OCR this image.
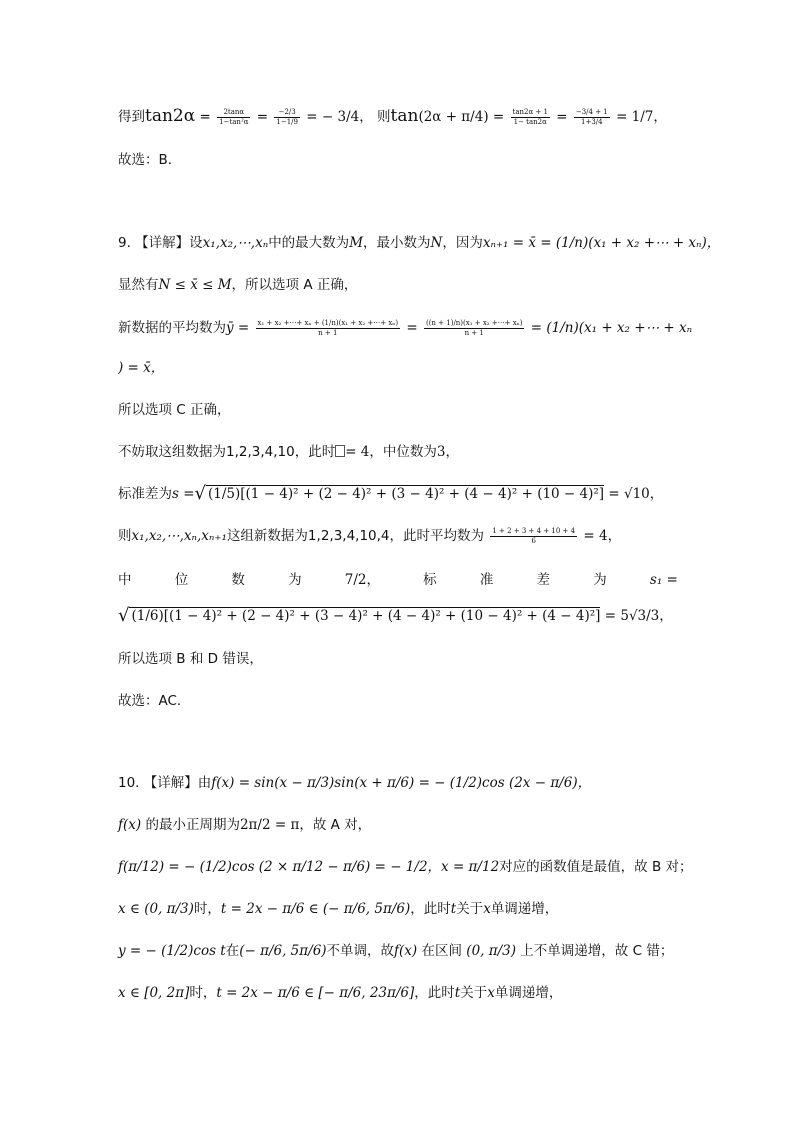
得到$\tan 2\alpha = \frac{2\tan\alpha}{\text{1−tan²α}} = \frac{-2/3}{1-1/9}$ = − 3/4， 则$\tan(2\alpha + \pi/4) = \frac{\tan 2\alpha + 1}{1- \tan 2\alpha} = \frac{-3/4 + 1}{1+3/4} = 1/7$，
故选：B.
9. 【详解】设x₁,x₂,⋯,xₙ中的最大数为M，最小数为N，因为xₙ₊₁ = x̄ = (1/n)(x₁ + x₂ +⋯ + xₙ)，
显然有N ≤ x̄ ≤ M，所以选项 A 正确，
新数据的平均数为ȳ = $\frac{\text{x₁ + x₂ +⋯+ xₙ + (1/n)(x₁ + x₂ +⋯+ xₙ)}}{n + 1} = \frac{\text{((n + 1)/n)(x₁ + x₂ +⋯+ xₙ)}}{n + 1} = (1/n)(x_1 + x_2$ +⋯ + xₙ
) = x̄，
所以选项 C 正确，
不妨取这组数据为1,2,3,4,10，此时 = 4，中位数为3，
标准差为s =√ (1/5)[(1 − 4)² + (2 − 4)² + (3 − 4)² + (4 − 4)² + (10 − 4)²] = √10，
则x₁,x₂,⋯,xₙ,xₙ₊₁这组新数据为1,2,3,4,10,4，此时平均数为 $\frac{1 + 2 + 3 + 4 + 10 + 4}{6} = 4$，
中	位	数	为	7/2，	标	准	差	为	s₁ =
√ (1/6)[(1 − 4)² + (2 − 4)² + (3 − 4)² + (4 − 4)² + (10 − 4)² + (4 − 4)²] = 5√3/3，
所以选项 B 和 D 错误，
故选：AC.
10. 【详解】由f(x) = sin(x − π/3)sin(x + π/6) = − (1/2)cos (2x − π/6)，
f(x) 的最小正周期为2π/2 = π，故 A 对，
f(π/12) = − (1/2)cos (2 × π/12 − π/6) = − 1/2，x = π/12对应的函数值是最值，故 B 对；
x ∈ (0, π/3)时，t = 2x − π/6 ∈ (− π/6, 5π/6)，此时t关于x单调递增，
y = − (1/2)cos t在(− π/6, 5π/6)不单调，故f(x) 在区间 (0, π/3) 上不单调递增，故 C 错；
x ∈ [0, 2π]时，t = 2x − π/6 ∈ [− π/6, 23π/6]，此时t关于x单调递增，
